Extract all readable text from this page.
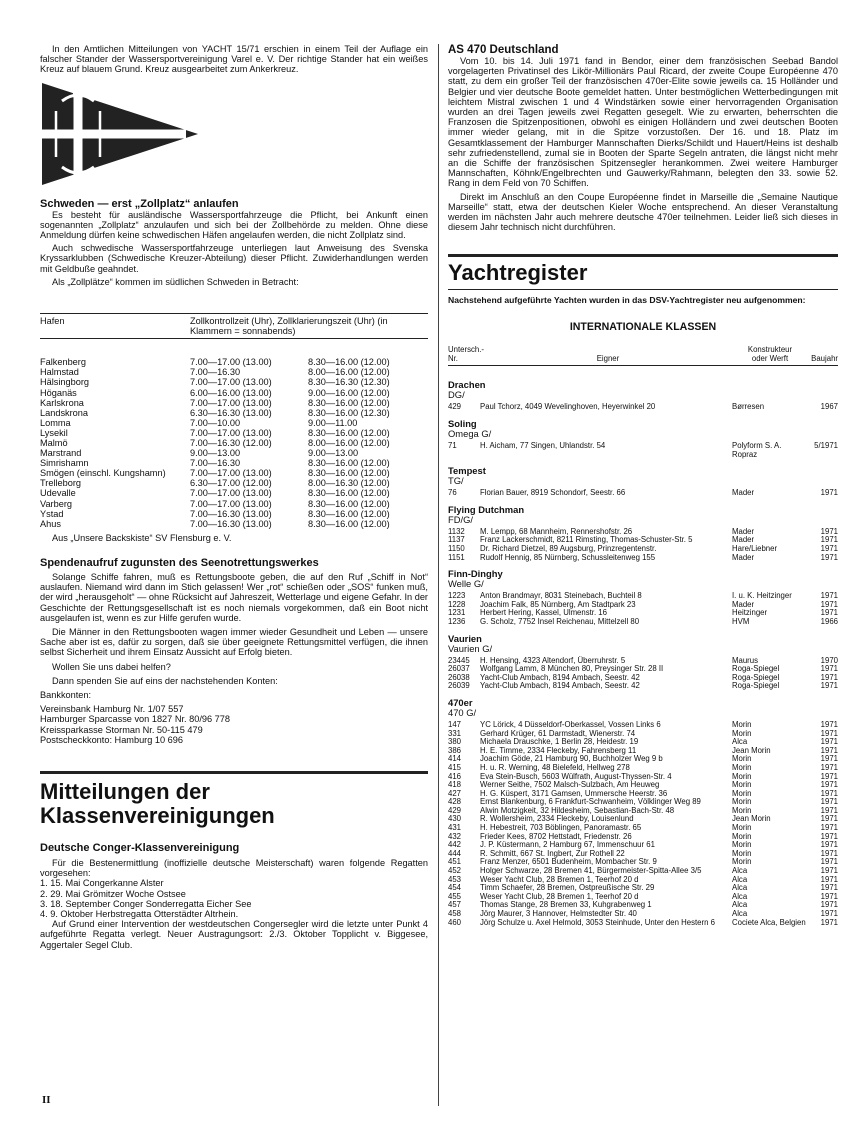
In den Amtlichen Mitteilungen von YACHT 15/71 erschien in einem Teil der Auflage ein falscher Stander der Wassersportvereinigung Varel e. V. Der richtige Stander hat ein weißes Kreuz auf blauem Grund. Kreuz ausgearbeitet zum Ankerkreuz.

Schweden — erst „Zollplatz“ anlaufen

Es besteht für ausländische Wassersportfahrzeuge die Pflicht, bei Ankunft einen sogenannten „Zollplatz“ anzulaufen und sich bei der Zollbehörde zu melden. Ohne diese Anmeldung dürfen keine schwedischen Häfen angelaufen werden, die nicht Zollplatz sind.

Auch schwedische Wassersportfahrzeuge unterliegen laut Anweisung des Svenska Kryssarklubben (Schwedische Kreuzer-Abteilung) dieser Pflicht. Zuwiderhandlungen werden mit Geldbuße geahndet.

Als „Zollplätze“ kommen im südlichen Schweden in Betracht:

Hafen	Zollkontrollzeit (Uhr), Zollklarierungszeit (Uhr) (in Klammern = sonnabends)
Falkenberg	7.00—17.00 (13.00)	8.30—16.00 (12.00)
Halmstad	7.00—16.30	8.00—16.00 (12.00)
Hälsingborg	7.00—17.00 (13.00)	8.30—16.30 (12.30)
Höganäs	6.00—16.00 (13.00)	9.00—16.00 (12.00)
Karlskrona	7.00—17.00 (13.00)	8.30—16.00 (12.00)
Landskrona	6.30—16.30 (13.00)	8.30—16.00 (12.30)
Lomma	7.00—10.00	9.00—11.00
Lysekil	7.00—17.00 (13.00)	8.30—16.00 (12.00)
Malmö	7.00—16.30 (12.00)	8.00—16.00 (12.00)
Marstrand	9.00—13.00	9.00—13.00
Simrishamn	7.00—16.30	8.30—16.00 (12.00)
Smögen (einschl. Kungshamn)	7.00—17.00 (13.00)	8.30—16.00 (12.00)
Trelleborg	6.30—17.00 (12.00)	8.00—16.30 (12.00)
Udevalle	7.00—17.00 (13.00)	8.30—16.00 (12.00)
Varberg	7.00—17.00 (13.00)	8.30—16.00 (12.00)
Ystad	7.00—16.30 (13.00)	8.30—16.00 (12.00)
Ahus	7.00—16.30 (13.00)	8.30—16.00 (12.00)

Aus „Unsere Backskiste“ SV Flensburg e. V.

Spendenaufruf zugunsten des Seenotrettungswerkes

Solange Schiffe fahren, muß es Rettungsboote geben, die auf den Ruf „Schiff in Not“ auslaufen. Niemand wird dann im Stich gelassen! Wer „rot“ schießen oder „SOS“ funken muß, der wird „herausgeholt“ — ohne Rücksicht auf Jahreszeit, Wetterlage und eigene Gefahr. In der Geschichte der Rettungsgesellschaft ist es noch niemals vorgekommen, daß ein Boot nicht ausgelaufen ist, wenn es zur Hilfe gerufen wurde.

Die Männer in den Rettungsbooten wagen immer wieder Gesundheit und Leben — unsere Sache aber ist es, dafür zu sorgen, daß sie über geeignete Rettungsmittel verfügen, die ihnen selbst Sicherheit und ihrem Einsatz Aussicht auf Erfolg bieten.

Wollen Sie uns dabei helfen?

Dann spenden Sie auf eins der nachstehenden Konten:

Bankkonten:

Vereinsbank Hamburg Nr. 1/07 557

Hamburger Sparcasse von 1827 Nr. 80/96 778

Kreissparkasse Storman Nr. 50-115 479

Postscheckkonto: Hamburg 10 696

Mitteilungen der

Klassenvereinigungen

Deutsche Conger-Klassenvereinigung

Für die Bestenermittlung (inoffizielle deutsche Meisterschaft) waren folgende Regatten vorgesehen:

1. 15. Mai Congerkanne Alster
2. 29. Mai Grömitzer Woche Ostsee
3. 18. September Conger Sonderregatta Eicher See
4. 9. Oktober Herbstregatta Otterstädter Altrhein.

Auf Grund einer Intervention der westdeutschen Congersegler wird die letzte unter Punkt 4 aufgeführte Regatta verlegt. Neuer Austragungsort: 2./3. Oktober Topplicht v. Biggesee, Aggertaler Segel Club.

II
AS 470 Deutschland

Vom 10. bis 14. Juli 1971 fand in Bendor, einer dem französischen Seebad Bandol vorgelagerten Privatinsel des Likör-Millionärs Paul Ricard, der zweite Coupe Européenne 470 statt, zu dem ein großer Teil der französischen 470er-Elite sowie jeweils ca. 15 Holländer und Belgier und vier deutsche Boote gemeldet hatten. Unter bestmöglichen Wetterbedingungen mit leichtem Mistral zwischen 1 und 4 Windstärken sowie einer hervorragenden Organisation wurden an drei Tagen jeweils zwei Regatten gesegelt. Wie zu erwarten, beherrschten die Franzosen die Spitzenpositionen, obwohl es einigen Holländern und zwei deutschen Booten immer wieder gelang, mit in die Spitze vorzustoßen. Der 16. und 18. Platz im Gesamtklassement der Hamburger Mannschaften Dierks/Schildt und Hauert/Heins ist deshalb sehr zufriedenstellend, zumal sie in Booten der Sparte Segeln antraten, die längst nicht mehr an die Schiffe der französischen Spitzensegler herankommen. Zwei weitere Hamburger Mannschaften, Köhnk/Engelbrechten und Gauwerky/Rahmann, belegten den 33. sowie 52. Rang in dem Feld von 70 Schiffen.

Direkt im Anschluß an den Coupe Européenne findet in Marseille die „Semaine Nautique Marseille“ statt, etwa der deutschen Kieler Woche entsprechend. An dieser Veranstaltung werden im nächsten Jahr auch mehrere deutsche 470er teilnehmen. Leider ließ sich dieses in diesem Jahr technisch nicht durchführen.

Yachtregister

Nachstehend aufgeführte Yachten wurden in das DSV-Yachtregister neu aufgenommen:

INTERNATIONALE KLASSEN

Untersch.-
Nr.	Eigner	Konstrukteur
oder Werft	Baujahr

Drachen

DG/

429	Paul Tchorz, 4049 Wevelinghoven, Heyerwinkel 20	Børresen	1967

Soling

Omega G/

71	H. Aicham, 77 Singen, Uhlandstr. 54	Polyform S. A. Ropraz	5/1971

Tempest

TG/

76	Florian Bauer, 8919 Schondorf, Seestr. 66	Mader	1971

Flying Dutchman

FD/G/

1132	M. Lempp, 68 Mannheim, Rennershofstr. 26	Mader	1971
1137	Franz Lackerschmidt, 8211 Rimsting, Thomas-Schuster-Str. 5	Mader	1971
1150	Dr. Richard Dietzel, 89 Augsburg, Prinzregentenstr.	Hare/Liebner	1971
1151	Rudolf Hennig, 85 Nürnberg, Schussleitenweg 155	Mader	1971

Finn-Dinghy

Welle G/

1223	Anton Brandmayr, 8031 Steinebach, Buchteil 8	I. u. K. Heitzinger	1971
1228	Joachim Falk, 85 Nürnberg, Am Stadtpark 23	Mader	1971
1231	Herbert Hering, Kassel, Ulmenstr. 16	Heitzinger	1971
1236	G. Scholz, 7752 Insel Reichenau, Mittelzell 80	HVM	1966

Vaurien

Vaurien G/

23445	H. Hensing, 4323 Altendorf, Überruhrstr. 5	Maurus	1970
26037	Wolfgang Lamm, 8 München 80, Preysinger Str. 28 II	Roga-Spiegel	1971
26038	Yacht-Club Ambach, 8194 Ambach, Seestr. 42	Roga-Spiegel	1971
26039	Yacht-Club Ambach, 8194 Ambach, Seestr. 42	Roga-Spiegel	1971

470er

470 G/

147	YC Lörick, 4 Düsseldorf-Oberkassel, Vossen Links 6	Morin	1971
331	Gerhard Krüger, 61 Darmstadt, Wienerstr. 74	Morin	1971
380	Michaela Drauschke, 1 Berlin 28, Heidestr. 19	Alca	1971
386	H. E. Timme, 2334 Fleckeby, Fahrensberg 11	Jean Morin	1971
414	Joachim Göde, 21 Hamburg 90, Buchholzer Weg 9 b	Morin	1971
415	H. u. R. Werning, 48 Bielefeld, Hellweg 278	Morin	1971
416	Eva Stein-Busch, 5603 Wülfrath, August-Thyssen-Str. 4	Morin	1971
418	Werner Seithe, 7502 Malsch-Sulzbach, Am Heuweg	Morin	1971
427	H. G. Küspert, 3171 Gamsen, Ummersche Heerstr. 36	Morin	1971
428	Ernst Blankenburg, 6 Frankfurt-Schwanheim, Völklinger Weg 89	Morin	1971
429	Alwin Motzigkeit, 32 Hildesheim, Sebastian-Bach-Str. 48	Morin	1971
430	R. Wollersheim, 2334 Fleckeby, Louisenlund	Jean Morin	1971
431	H. Hebestreit, 703 Böblingen, Panoramastr. 65	Morin	1971
432	Frieder Kees, 8702 Hettstadt, Friedenstr. 26	Morin	1971
442	J. P. Küstermann, 2 Hamburg 67, Immenschuur 61	Morin	1971
444	R. Schmitt, 667 St. Ingbert, Zur Rothell 22	Morin	1971
451	Franz Menzer, 6501 Budenheim, Mombacher Str. 9	Morin	1971
452	Holger Schwarze, 28 Bremen 41, Bürgermeister-Spitta-Allee 3/5	Alca	1971
453	Weser Yacht Club, 28 Bremen 1, Teerhof 20 d	Alca	1971
454	Timm Schaefer, 28 Bremen, Ostpreußische Str. 29	Alca	1971
455	Weser Yacht Club, 28 Bremen 1, Teerhof 20 d	Alca	1971
457	Thomas Stange, 28 Bremen 33, Kuhgrabenweg 1	Alca	1971
458	Jörg Maurer, 3 Hannover, Helmstedter Str. 40	Alca	1971
460	Jörg Schulze u. Axel Helmold, 3053 Steinhude, Unter den Hestern 6	Cociete Alca, Belgien	1971
